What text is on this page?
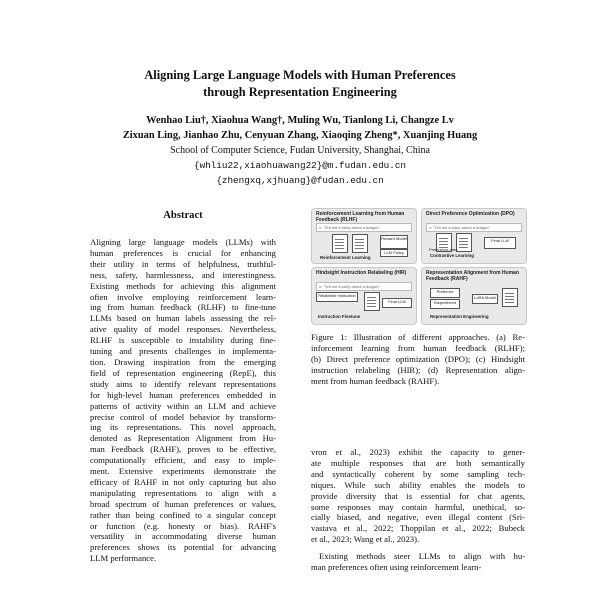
Aligning Large Language Models with Human Preferences
through Representation Engineering
Wenhao Liu†, Xiaohua Wang†, Muling Wu, Tianlong Li, Changze Lv
Zixuan Ling, Jianhao Zhu, Cenyuan Zhang, Xiaoqing Zheng*, Xuanjing Huang
School of Computer Science, Fudan University, Shanghai, China
{whliu22,xiaohuawang22}@m.fudan.edu.cn
{zhengxq,xjhuang}@fudan.edu.cn
Abstract
Aligning large language models (LLMs) with
human preferences is crucial for enhancing
their utility in terms of helpfulness, truthful-
ness, safety, harmlessness, and interestingness.
Existing methods for achieving this alignment
often involve employing reinforcement learn-
ing from human feedback (RLHF) to fine-tune
LLMs based on human labels assessing the rel-
ative quality of model responses. Nevertheless,
RLHF is susceptible to instability during fine-
tuning and presents challenges in implementa-
tion. Drawing inspiration from the emerging
field of representation engineering (RepE), this
study aims to identify relevant representations
for high-level human preferences embedded in
patterns of activity within an LLM and achieve
precise control of model behavior by transform-
ing its representations. This novel approach,
denoted as Representation Alignment from Hu-
man Feedback (RAHF), proves to be effective,
computationally efficient, and easy to imple-
ment. Extensive experiments demonstrate the
efficacy of RAHF in not only capturing but also
manipulating representations to align with a
broad spectrum of human preferences or values,
rather than being confined to a singular concept
or function (e.g. honesty or bias). RAHF's
versatility in accommodating diverse human
preferences shows its potential for advancing
LLM performance.
Reinforcement Learning from Human Feedback (RLHF)
x: "Tell me a story about a dragon"
Reward Model
LLM Policy
Reinforcement Learning
Direct Preference Optimization (DPO)
x: "Tell me a story about a dragon"
Final LLM
Contrastive Learning
Hindsight Instruction Relabeling (HIR)
x: "Tell me a story about a dragon"
Relabeled Instruction
Final LLM
Instruction Finetune
Representation Alignment from Human Feedback (RAHF)
Preferred
Dispreferred
LoRA Model
Representation Engineering
Preference data
Figure 1: Illustration of different approaches. (a) Re-
inforcement learning from human feedback (RLHF);
(b) Direct preference optimization (DPO); (c) Hindsight
instruction relabeling (HIR); (d) Representation align-
ment from human feedback (RAHF).
vron et al., 2023) exhibit the capacity to gener-
ate multiple responses that are both semantically
and syntactically coherent by some sampling tech-
niques. While such ability enables the models to
provide diversity that is essential for chat agents,
some responses may contain harmful, unethical, so-
cially biased, and negative, even illegal content (Sri-
vastava et al., 2022; Thoppilan et al., 2022; Bubeck
et al., 2023; Wang et al., 2023).
Existing methods steer LLMs to align with hu-
man preferences often using reinforcement learn-
